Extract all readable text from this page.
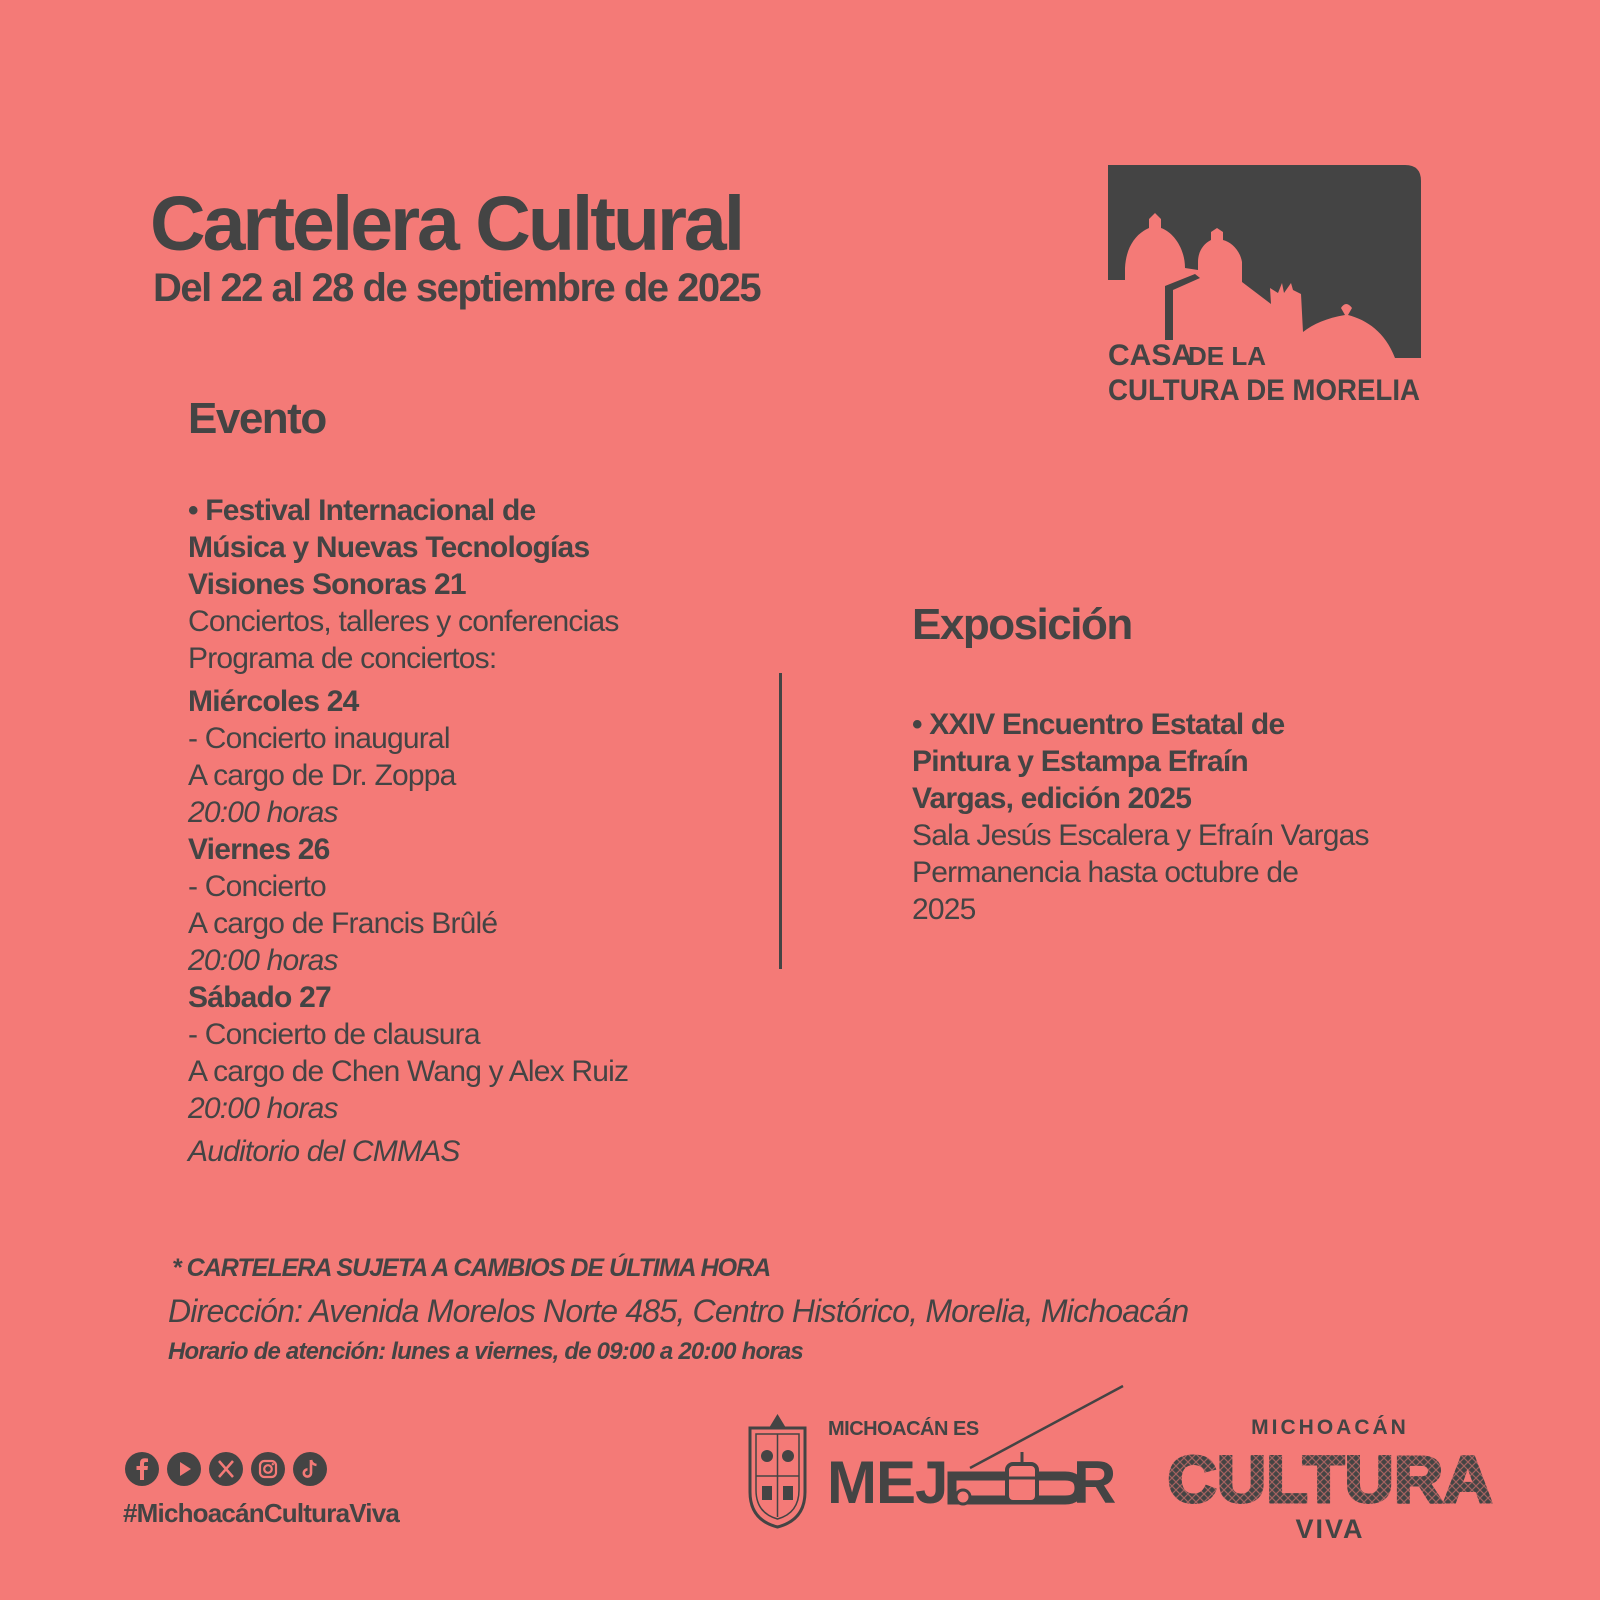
Cartelera Cultural
Del 22 al 28 de septiembre de 2025
CASA
DE LA
CULTURA DE MORELIA
Evento
• Festival Internacional de
Música y Nuevas Tecnologías
Visiones Sonoras 21
Conciertos, talleres y conferencias
Programa de conciertos:
Miércoles 24
- Concierto inaugural
A cargo de Dr. Zoppa
20:00 horas
Viernes 26
- Concierto
A cargo de Francis Brûlé
20:00 horas
Sábado 27
- Concierto de clausura
A cargo de Chen Wang y Alex Ruiz
20:00 horas
Auditorio del CMMAS
Exposición
• XXIV Encuentro Estatal de
Pintura y Estampa Efraín
Vargas, edición 2025
Sala Jesús Escalera y Efraín Vargas
Permanencia hasta octubre de
2025
* CARTELERA SUJETA A CAMBIOS DE ÚLTIMA HORA
Dirección: Avenida Morelos Norte 485, Centro Histórico, Morelia, Michoacán
Horario de atención: lunes a viernes, de 09:00 a 20:00 horas
#MichoacánCulturaViva
MICHOACÁN ES
MEJ R
MICHOACÁN
VIVA
